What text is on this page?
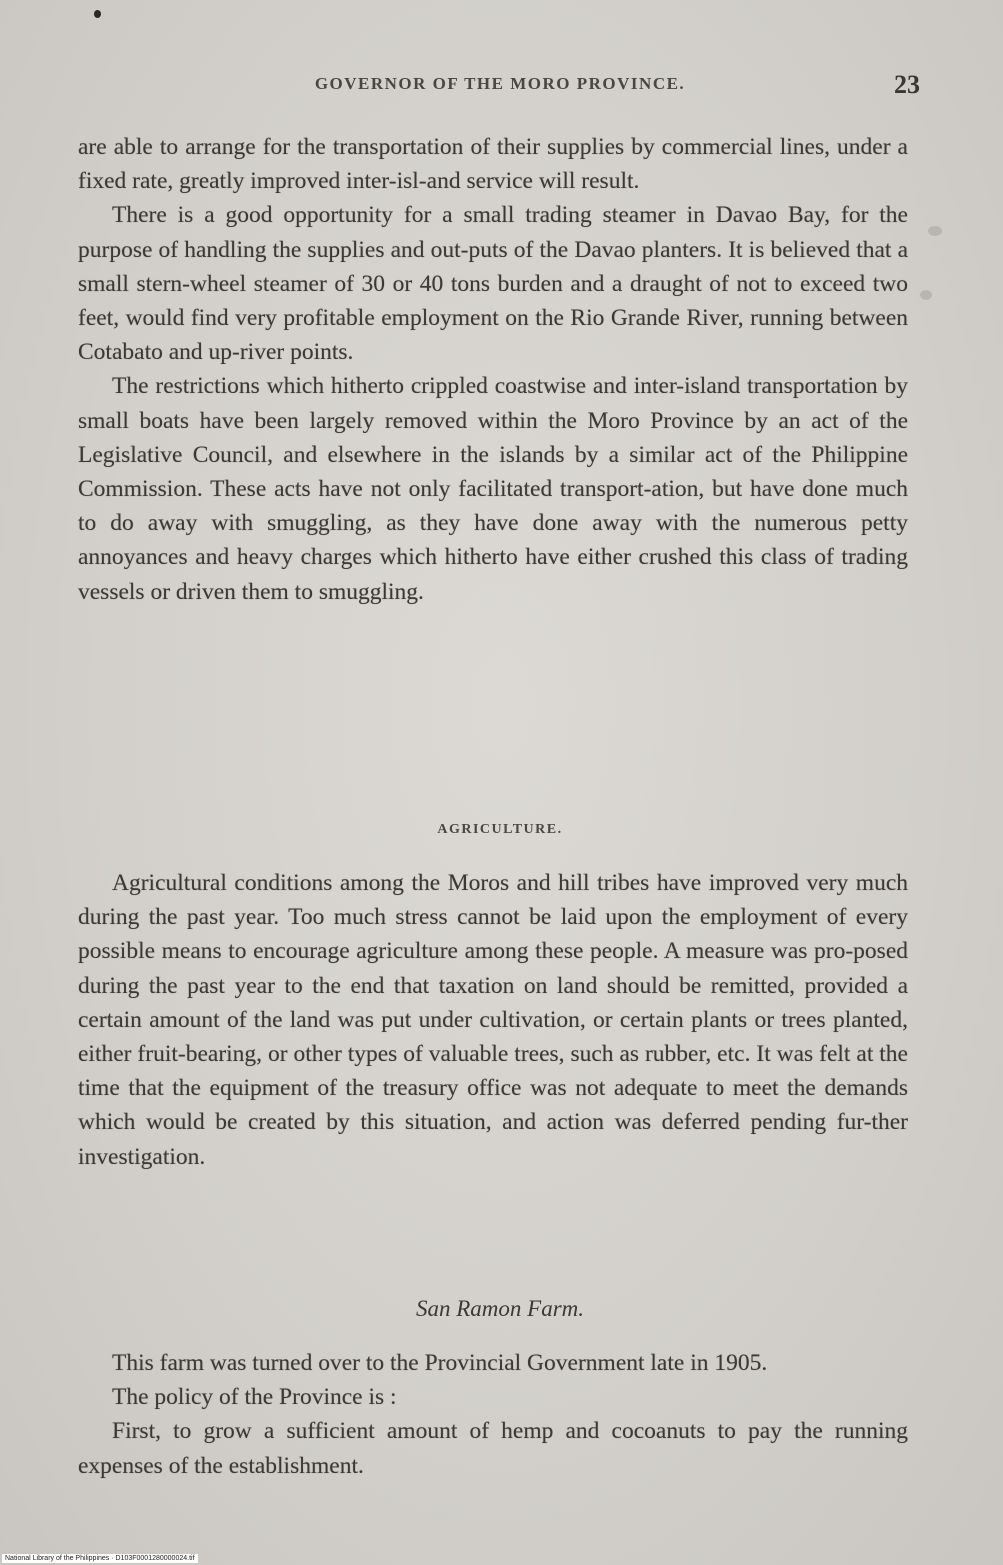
GOVERNOR OF THE MORO PROVINCE.	23

are able to arrange for the transportation of their supplies by commercial lines, under a fixed rate, greatly improved inter-isl-and service will result.

There is a good opportunity for a small trading steamer in Davao Bay, for the purpose of handling the supplies and out-puts of the Davao planters. It is believed that a small stern-wheel steamer of 30 or 40 tons burden and a draught of not to exceed two feet, would find very profitable employment on the Rio Grande River, running between Cotabato and up-river points.

The restrictions which hitherto crippled coastwise and inter-island transportation by small boats have been largely removed within the Moro Province by an act of the Legislative Council, and elsewhere in the islands by a similar act of the Philippine Commission. These acts have not only facilitated transport-ation, but have done much to do away with smuggling, as they have done away with the numerous petty annoyances and heavy charges which hitherto have either crushed this class of trading vessels or driven them to smuggling.

AGRICULTURE.

Agricultural conditions among the Moros and hill tribes have improved very much during the past year. Too much stress cannot be laid upon the employment of every possible means to encourage agriculture among these people. A measure was pro-posed during the past year to the end that taxation on land should be remitted, provided a certain amount of the land was put under cultivation, or certain plants or trees planted, either fruit-bearing, or other types of valuable trees, such as rubber, etc. It was felt at the time that the equipment of the treasury office was not adequate to meet the demands which would be created by this situation, and action was deferred pending fur-ther investigation.

San Ramon Farm.

This farm was turned over to the Provincial Government late in 1905.

The policy of the Province is :

First, to grow a sufficient amount of hemp and cocoanuts to pay the running expenses of the establishment.

National Library of the Philippines · D103F0001280000024.tif
